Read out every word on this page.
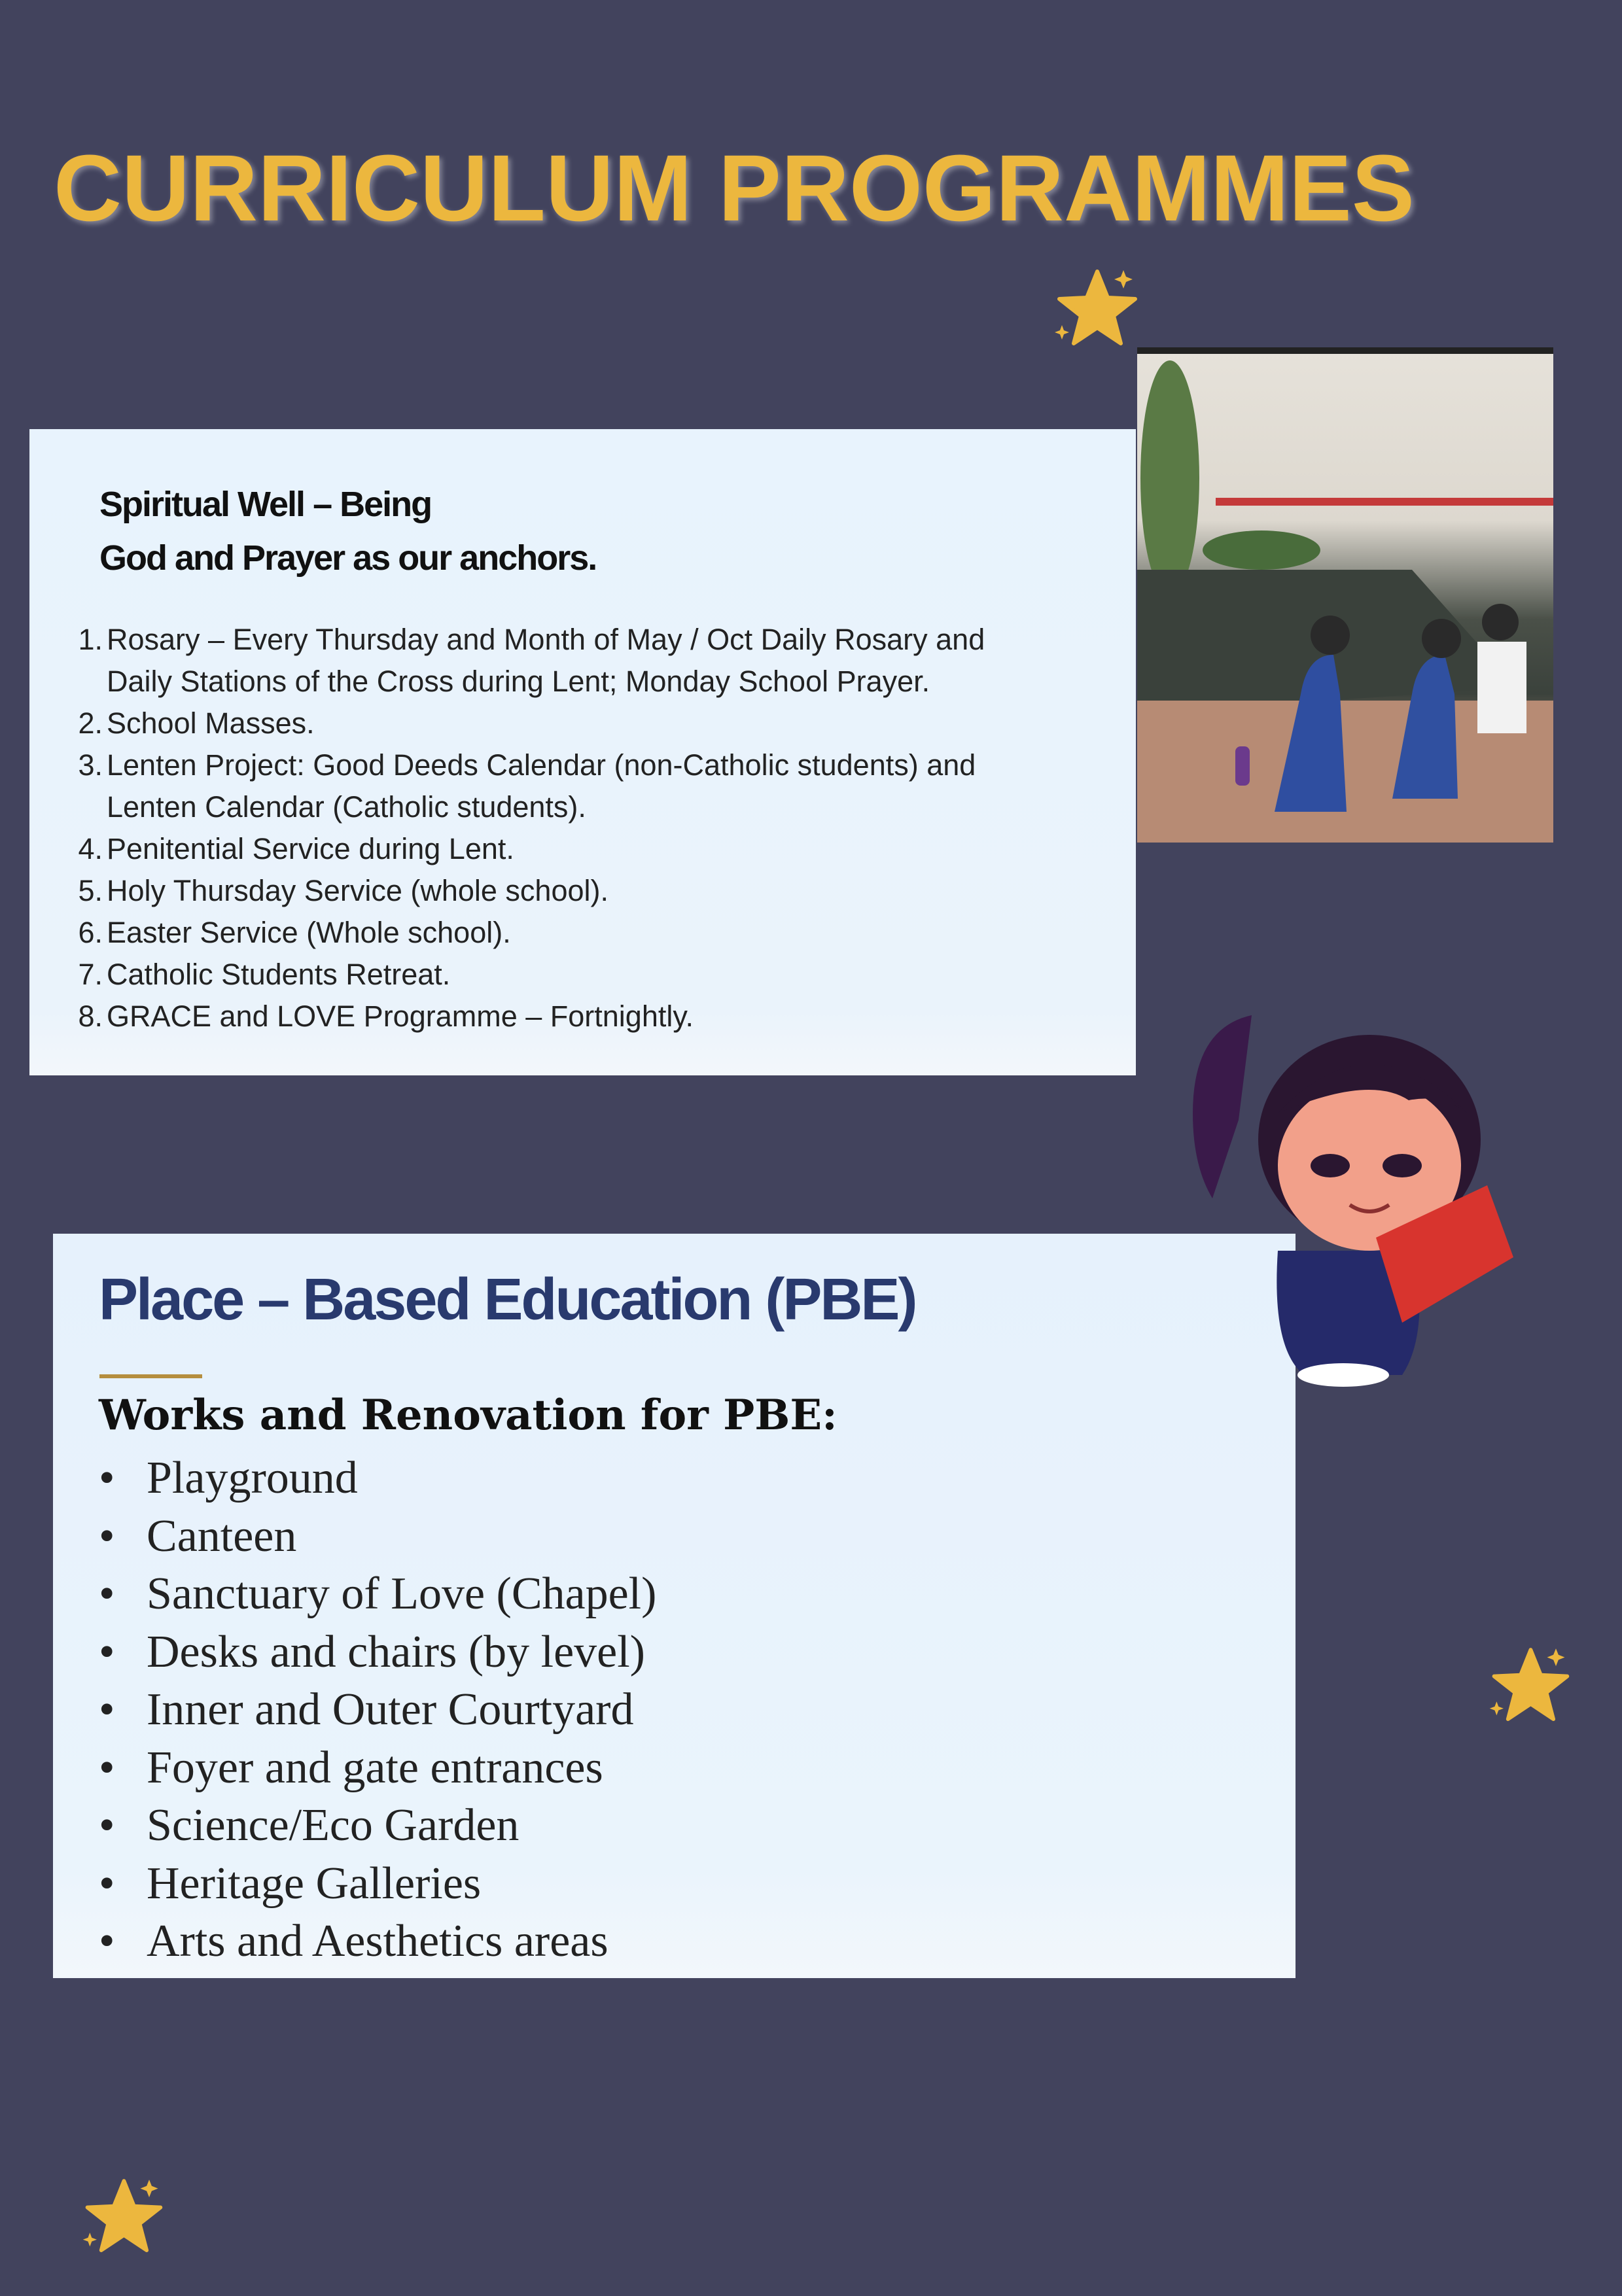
CURRICULUM PROGRAMMES
Spiritual Well – Being
God and Prayer as our anchors.
1. Rosary – Every Thursday and Month of May / Oct Daily Rosary and
Daily Stations of the Cross during Lent; Monday School Prayer.
2. School Masses.
3. Lenten Project: Good Deeds Calendar (non-Catholic students) and
Lenten Calendar (Catholic students).
4. Penitential Service during Lent.
5. Holy Thursday Service (whole school).
6. Easter Service (Whole school).
7. Catholic Students Retreat.
8. GRACE and LOVE Programme – Fortnightly.
Place – Based Education (PBE)
Works and Renovation for PBE:
• Playground
• Canteen
• Sanctuary of Love (Chapel)
• Desks and chairs (by level)
• Inner and Outer Courtyard
• Foyer and gate entrances
• Science/Eco Garden
• Heritage Galleries
• Arts and Aesthetics areas
